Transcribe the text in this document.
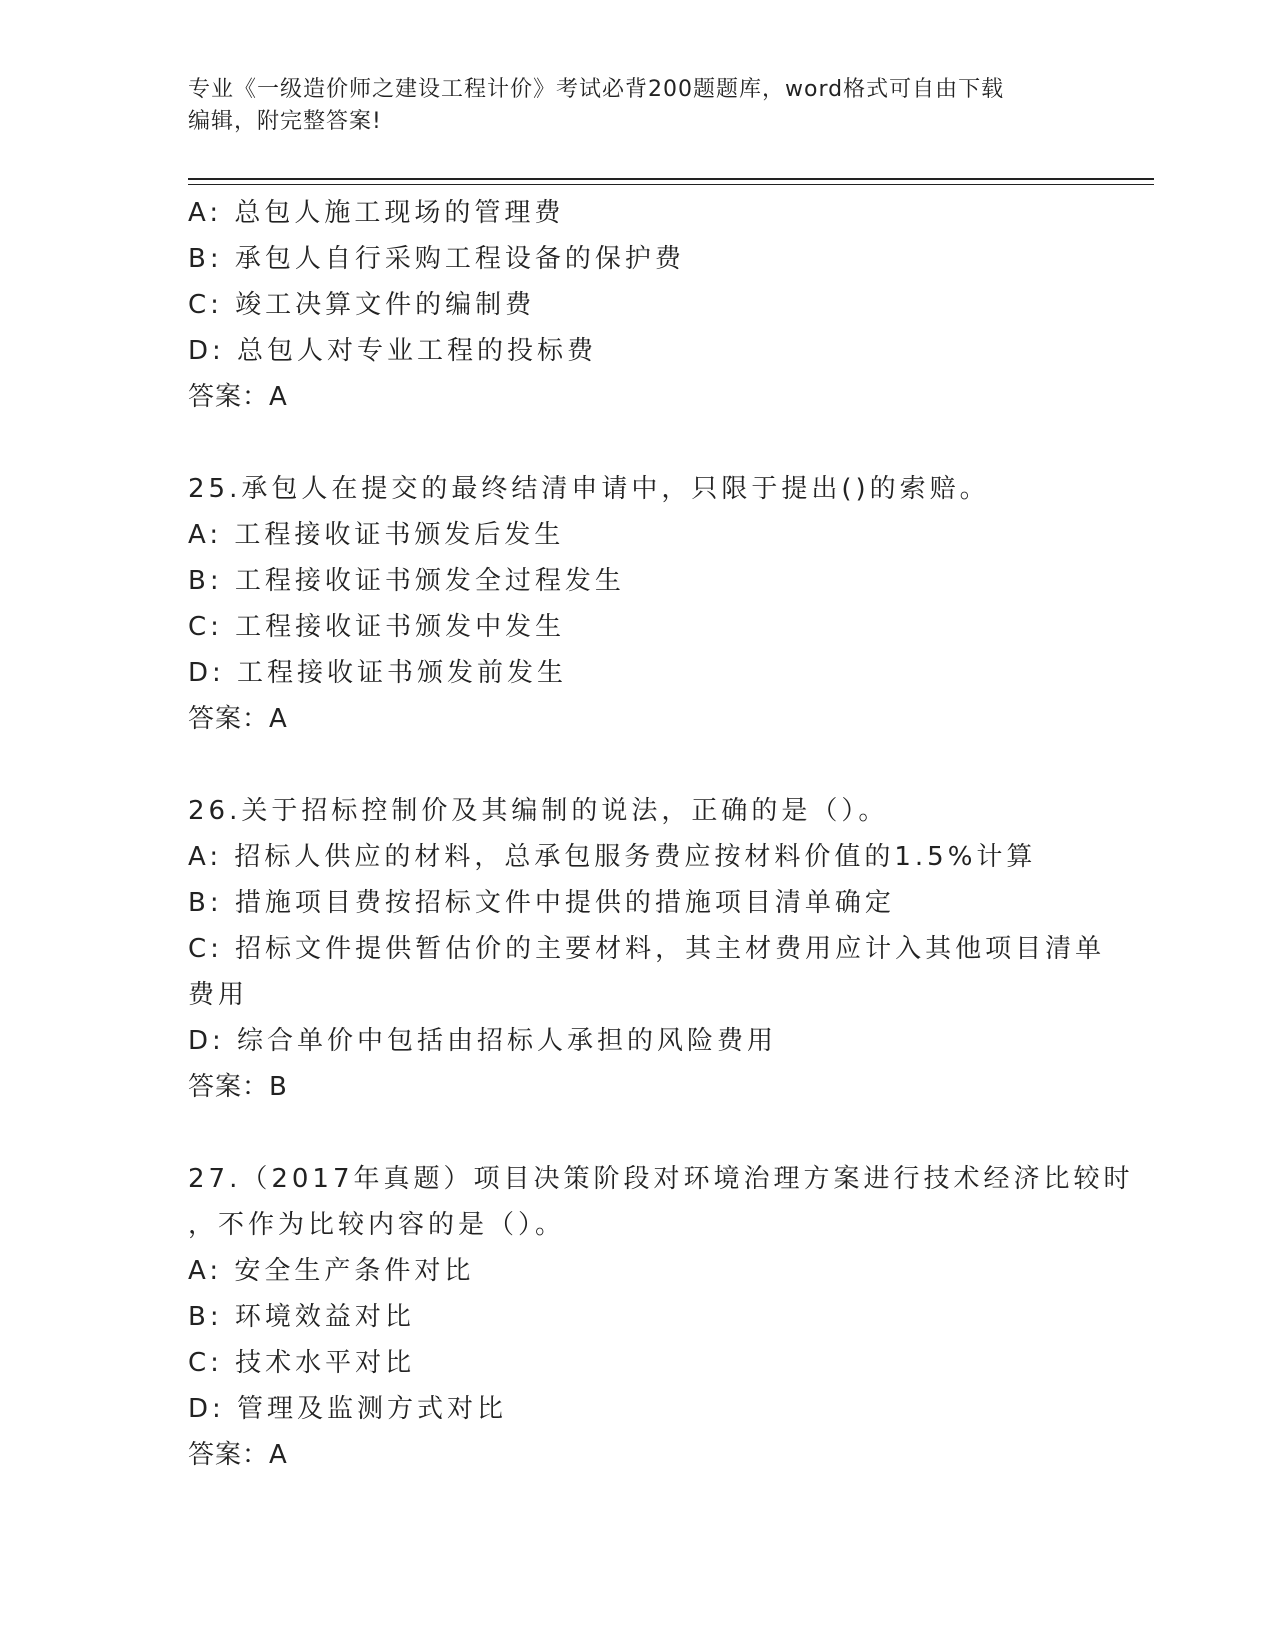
专业《一级造价师之建设工程计价》考试必背200题题库，word格式可自由下载
编辑，附完整答案!
A: 总包人施工现场的管理费
B: 承包人自行采购工程设备的保护费
C: 竣工决算文件的编制费
D: 总包人对专业工程的投标费
答案：A
25.承包人在提交的最终结清申请中，只限于提出()的索赔。
A: 工程接收证书颁发后发生
B: 工程接收证书颁发全过程发生
C: 工程接收证书颁发中发生
D: 工程接收证书颁发前发生
答案：A
26.关于招标控制价及其编制的说法，正确的是（）。
A: 招标人供应的材料，总承包服务费应按材料价值的1.5%计算
B: 措施项目费按招标文件中提供的措施项目清单确定
C: 招标文件提供暂估价的主要材料，其主材费用应计入其他项目清单
费用
D: 综合单价中包括由招标人承担的风险费用
答案：B
27.（2017年真题）项目决策阶段对环境治理方案进行技术经济比较时
，不作为比较内容的是（）。
A: 安全生产条件对比
B: 环境效益对比
C: 技术水平对比
D: 管理及监测方式对比
答案：A
